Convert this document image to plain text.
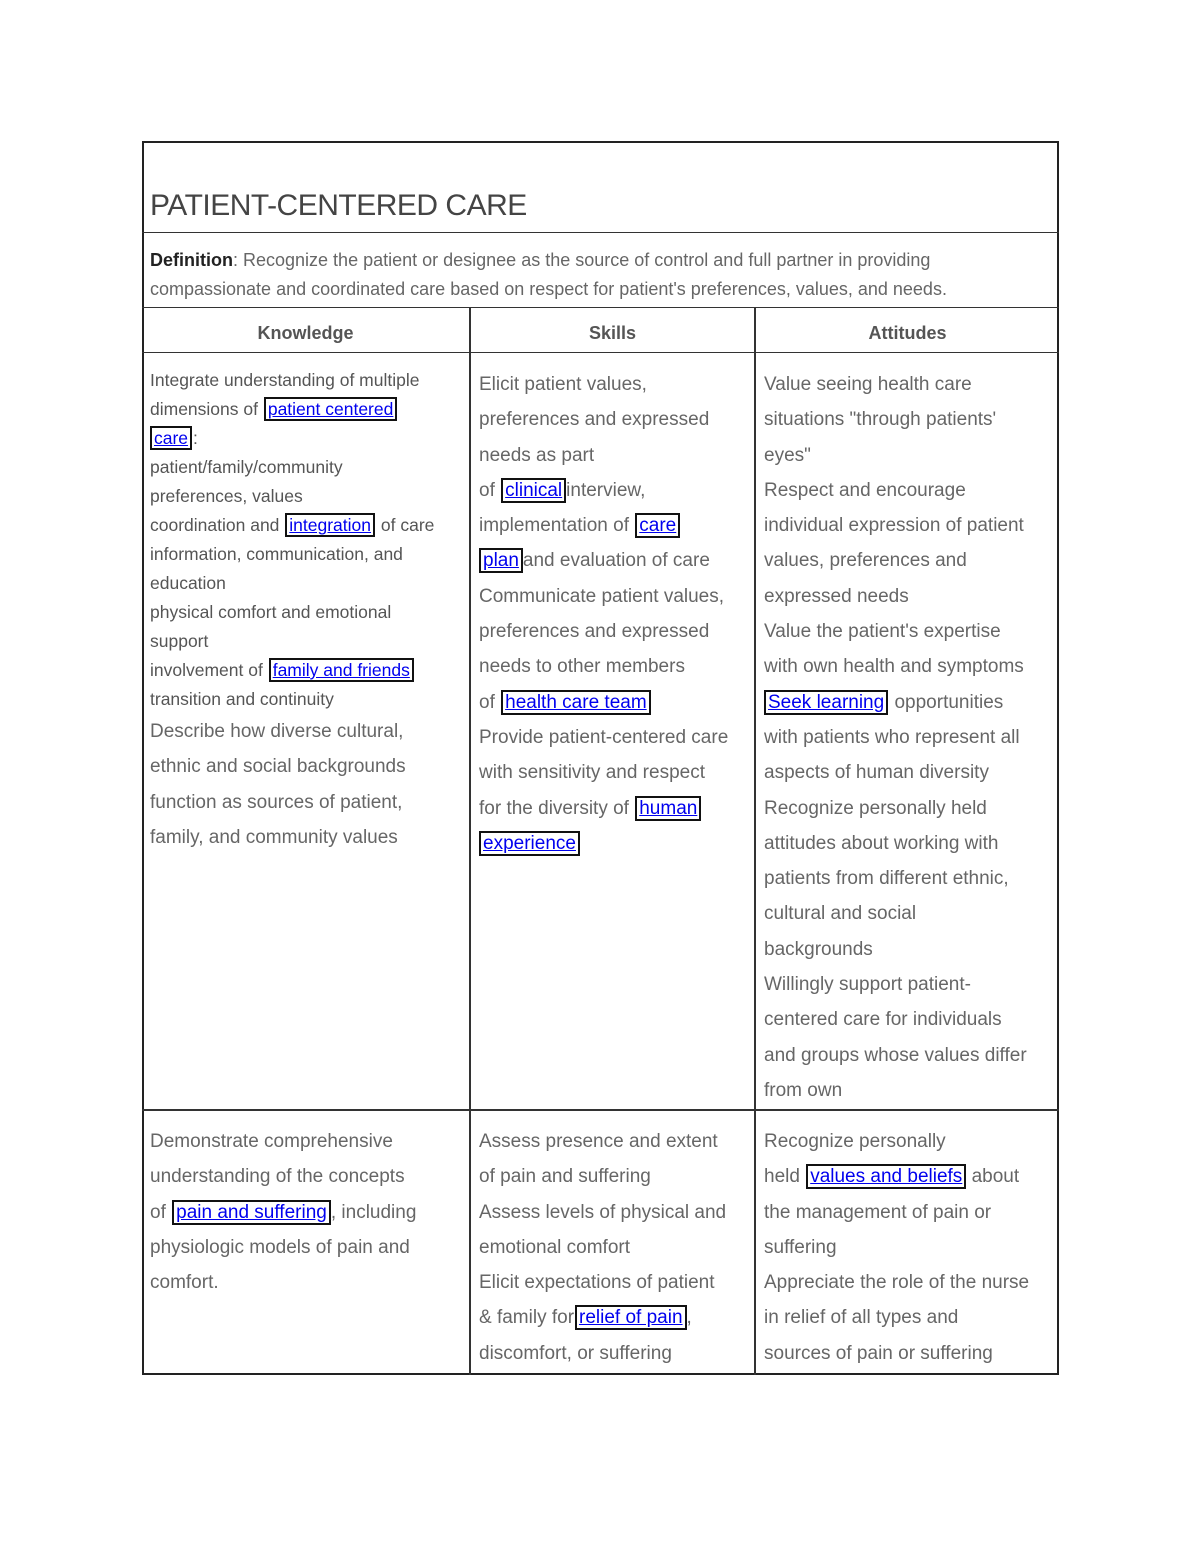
PATIENT-CENTERED CARE
Definition: Recognize the patient or designee as the source of control and full partner in providing
compassionate and coordinated care based on respect for patient's preferences, values, and needs.
Knowledge	Skills	Attitudes
Integrate understanding of multiple
dimensions of patient centered
care :
patient/family/community
preferences, values
coordination and integration of care
information, communication, and
education
physical comfort and emotional
support
involvement of family and friends
transition and continuity
Describe how diverse cultural,
ethnic and social backgrounds
function as sources of patient,
family, and community values
Elicit patient values,
preferences and expressed
needs as part
of clinical interview,
implementation of care
plan and evaluation of care
Communicate patient values,
preferences and expressed
needs to other members
of health care team
Provide patient-centered care
with sensitivity and respect
for the diversity of human
experience
Value seeing health care
situations "through patients'
eyes"
Respect and encourage
individual expression of patient
values, preferences and
expressed needs
Value the patient's expertise
with own health and symptoms
Seek learning opportunities
with patients who represent all
aspects of human diversity
Recognize personally held
attitudes about working with
patients from different ethnic,
cultural and social
backgrounds
Willingly support patient-
centered care for individuals
and groups whose values differ
from own
Demonstrate comprehensive
understanding of the concepts
of pain and suffering , including
physiologic models of pain and
comfort.
Assess presence and extent
of pain and suffering
Assess levels of physical and
emotional comfort
Elicit expectations of patient
& family for relief of pain ,
discomfort, or suffering
Recognize personally
held values and beliefs about
the management of pain or
suffering
Appreciate the role of the nurse
in relief of all types and
sources of pain or suffering
